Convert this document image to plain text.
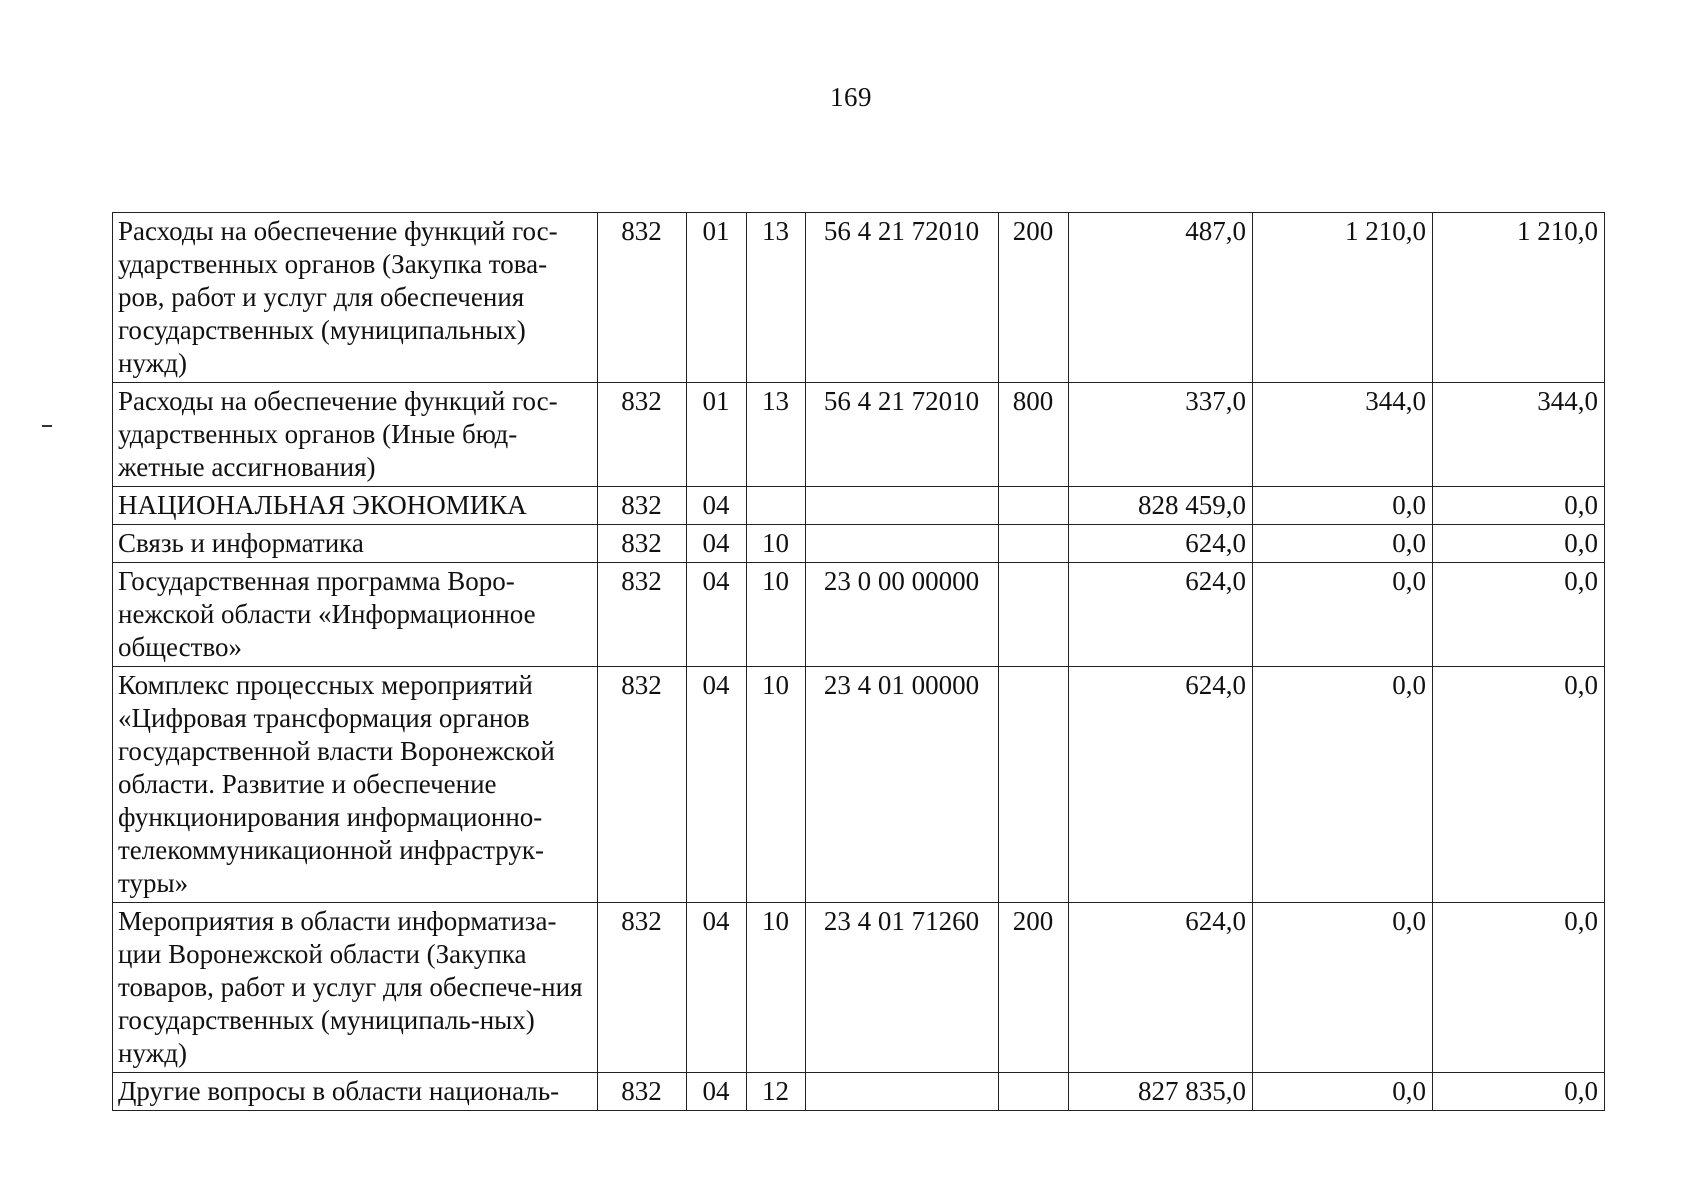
169
Расходы на обеспечение функций гос-ударственных органов (Закупка това-ров, работ и услуг для обеспечения государственных (муниципальных) нужд)	832	01	13	56 4 21 72010	200	487,0	1 210,0	1 210,0
Расходы на обеспечение функций гос-ударственных органов (Иные бюд-жетные ассигнования)	832	01	13	56 4 21 72010	800	337,0	344,0	344,0
НАЦИОНАЛЬНАЯ ЭКОНОМИКА	832	04				828 459,0	0,0	0,0
Связь и информатика	832	04	10			624,0	0,0	0,0
Государственная программа Воро-нежской области «Информационное общество»	832	04	10	23 0 00 00000		624,0	0,0	0,0
Комплекс процессных мероприятий «Цифровая трансформация органов государственной власти Воронежской области. Развитие и обеспечение функционирования информационно-телекоммуникационной инфраструк-туры»	832	04	10	23 4 01 00000		624,0	0,0	0,0
Мероприятия в области информатиза-ции Воронежской области (Закупка товаров, работ и услуг для обеспече-ния государственных (муниципаль-ных) нужд)	832	04	10	23 4 01 71260	200	624,0	0,0	0,0
Другие вопросы в области националь-	832	04	12			827 835,0	0,0	0,0
